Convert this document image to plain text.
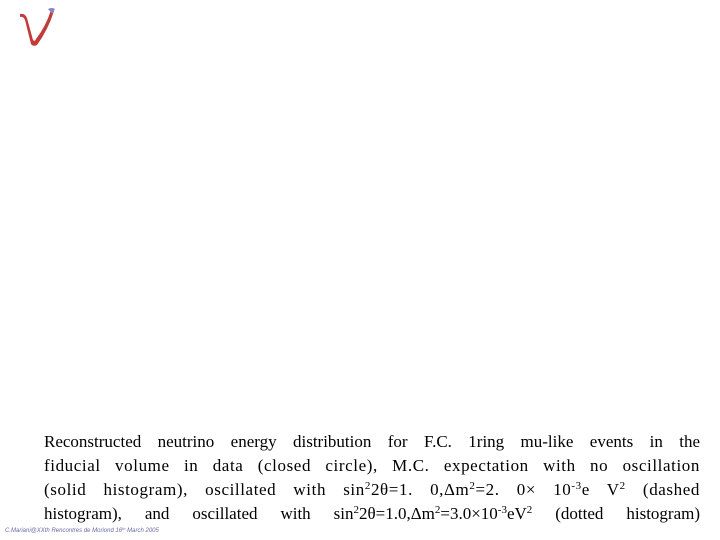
Reconstructed neutrino energy distribution for F.C. 1ring mu-like events in the
fiducial volume in data (closed circle), M.C. expectation with no oscillation
(solid histogram), oscillated with $\sin^22\theta=1$. $0,\Delta m^2=2$. $0\times 10^{-3}e$ $V^2$ (dashed
histogram), and oscillated with $\sin^22\theta=1.0,\Delta m^2=3.0\times 10^{-3}eV^2$ (dotted histogram)
C.Mariani@XXth Rencontres de Moriond 16th March 2005
